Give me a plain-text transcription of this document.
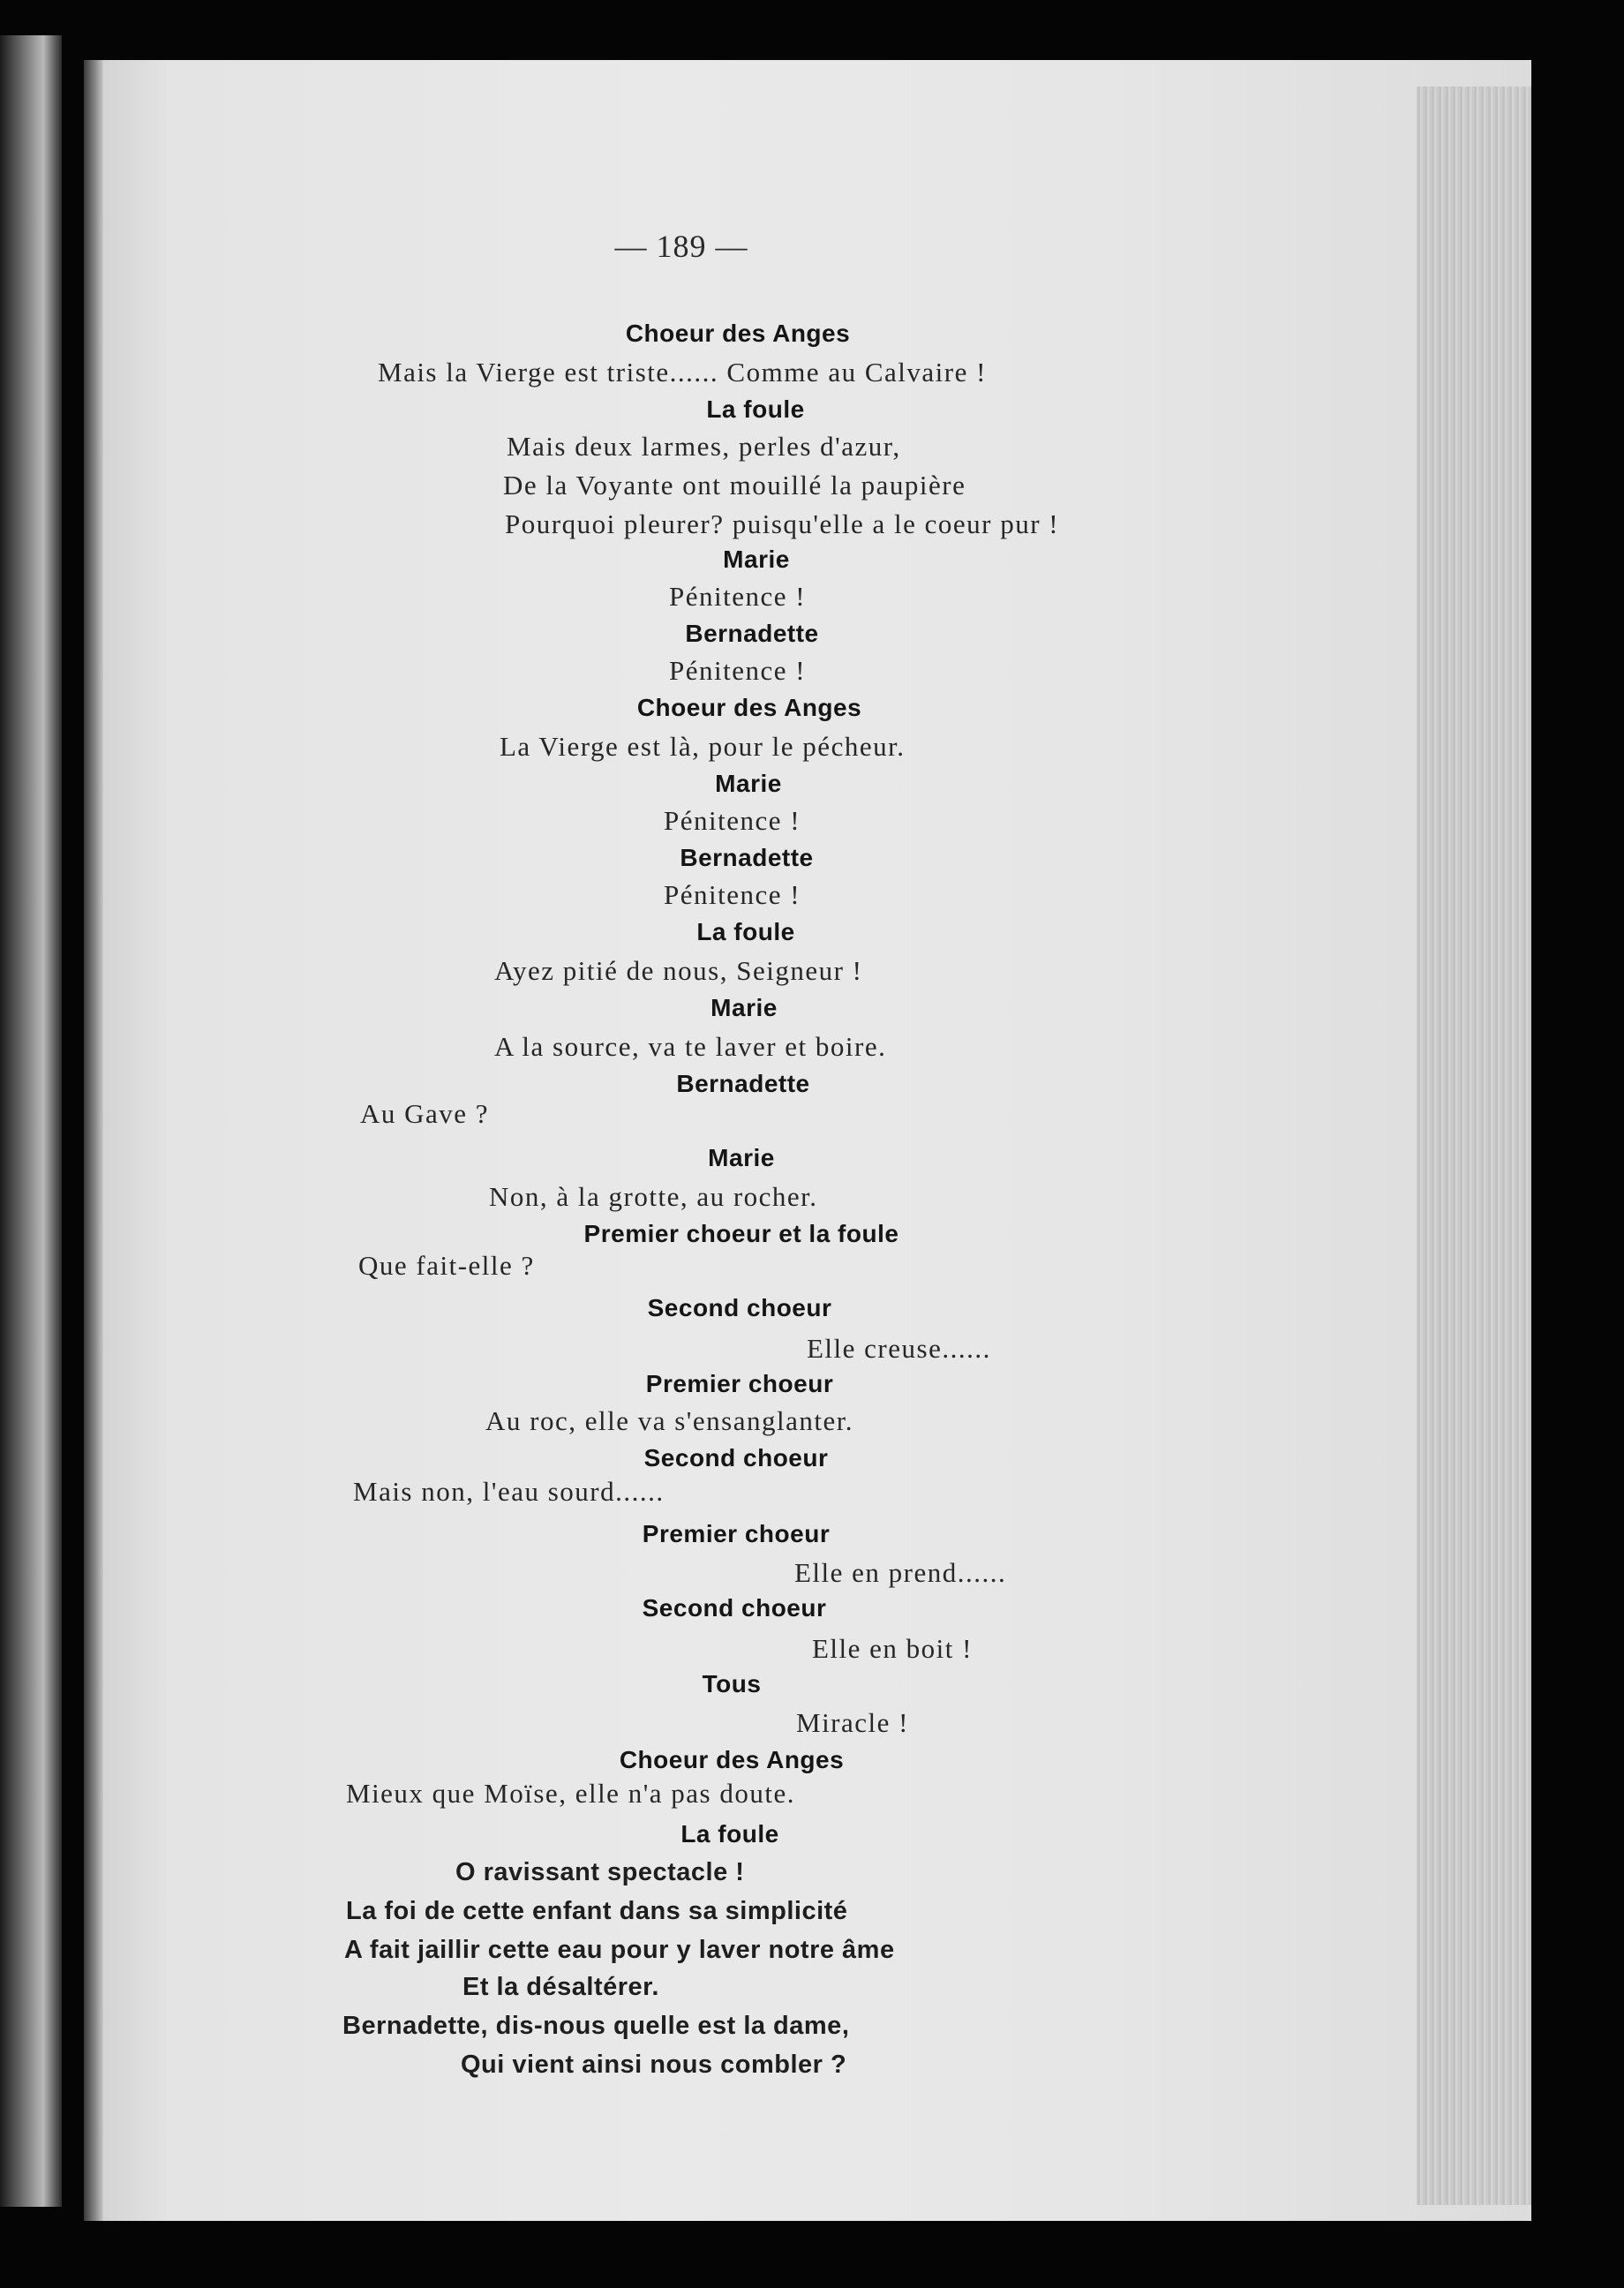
— 189 —
Choeur des Anges
Mais la Vierge est triste...... Comme au Calvaire !
La foule
Mais deux larmes, perles d'azur,
De la Voyante ont mouillé la paupière
Pourquoi pleurer? puisqu'elle a le coeur pur !
Marie
Pénitence !
Bernadette
Pénitence !
Choeur des Anges
La Vierge est là, pour le pécheur.
Marie
Pénitence !
Bernadette
Pénitence !
La foule
Ayez pitié de nous, Seigneur !
Marie
A la source, va te laver et boire.
Bernadette
Au Gave ?
Marie
Non, à la grotte, au rocher.
Premier choeur et la foule
Que fait-elle ?
Second choeur
Elle creuse......
Premier choeur
Au roc, elle va s'ensanglanter.
Second choeur
Mais non, l'eau sourd......
Premier choeur
Elle en prend......
Second choeur
Elle en boit !
Tous
Miracle !
Choeur des Anges
Mieux que Moïse, elle n'a pas doute.
La foule
O ravissant spectacle !
La foi de cette enfant dans sa simplicité
A fait jaillir cette eau pour y laver notre âme
Et la désaltérer.
Bernadette, dis-nous quelle est la dame,
Qui vient ainsi nous combler ?
